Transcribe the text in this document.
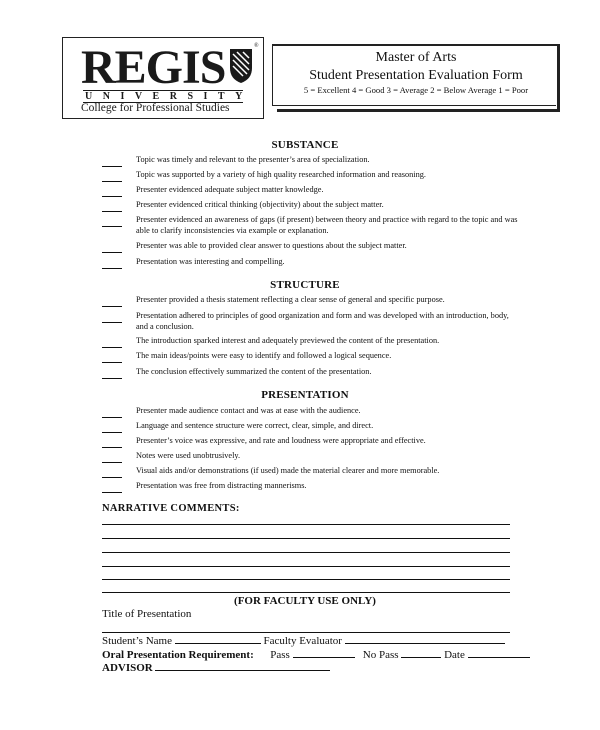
REGIS	®
UNIVERSITY
College for Professional Studies
Master of Arts
Student Presentation Evaluation Form
5 = Excellent 4 = Good 3 = Average 2 = Below Average 1 = Poor
SUBSTANCE
Topic was timely and relevant to the presenter’s area of specialization.
Topic was supported by a variety of high quality researched information and reasoning.
Presenter evidenced adequate subject matter knowledge.
Presenter evidenced critical thinking (objectivity) about the subject matter.
Presenter evidenced an awareness of gaps (if present) between theory and practice with regard to the topic and was able to clarify inconsistencies via example or explanation.
Presenter was able to provided clear answer to questions about the subject matter.
Presentation was interesting and compelling.
STRUCTURE
Presenter provided a thesis statement reflecting a clear sense of general and specific purpose.
Presentation adhered to principles of good organization and form and was developed with an introduction, body, and a conclusion.
The introduction sparked interest and adequately previewed the content of the presentation.
The main ideas/points were easy to identify and followed a logical sequence.
The conclusion effectively summarized the content of the presentation.
PRESENTATION
Presenter made audience contact and was at ease with the audience.
Language and sentence structure were correct, clear, simple, and direct.
Presenter’s voice was expressive, and rate and loudness were appropriate and effective.
Notes were used unobtrusively.
Visual aids and/or demonstrations (if used) made the material clearer and more memorable.
Presentation was free from distracting mannerisms.
NARRATIVE COMMENTS:
(FOR FACULTY USE ONLY)
Title of Presentation
Student’s Name	Faculty Evaluator
Oral Presentation Requirement: Pass	No Pass	Date
ADVISOR
